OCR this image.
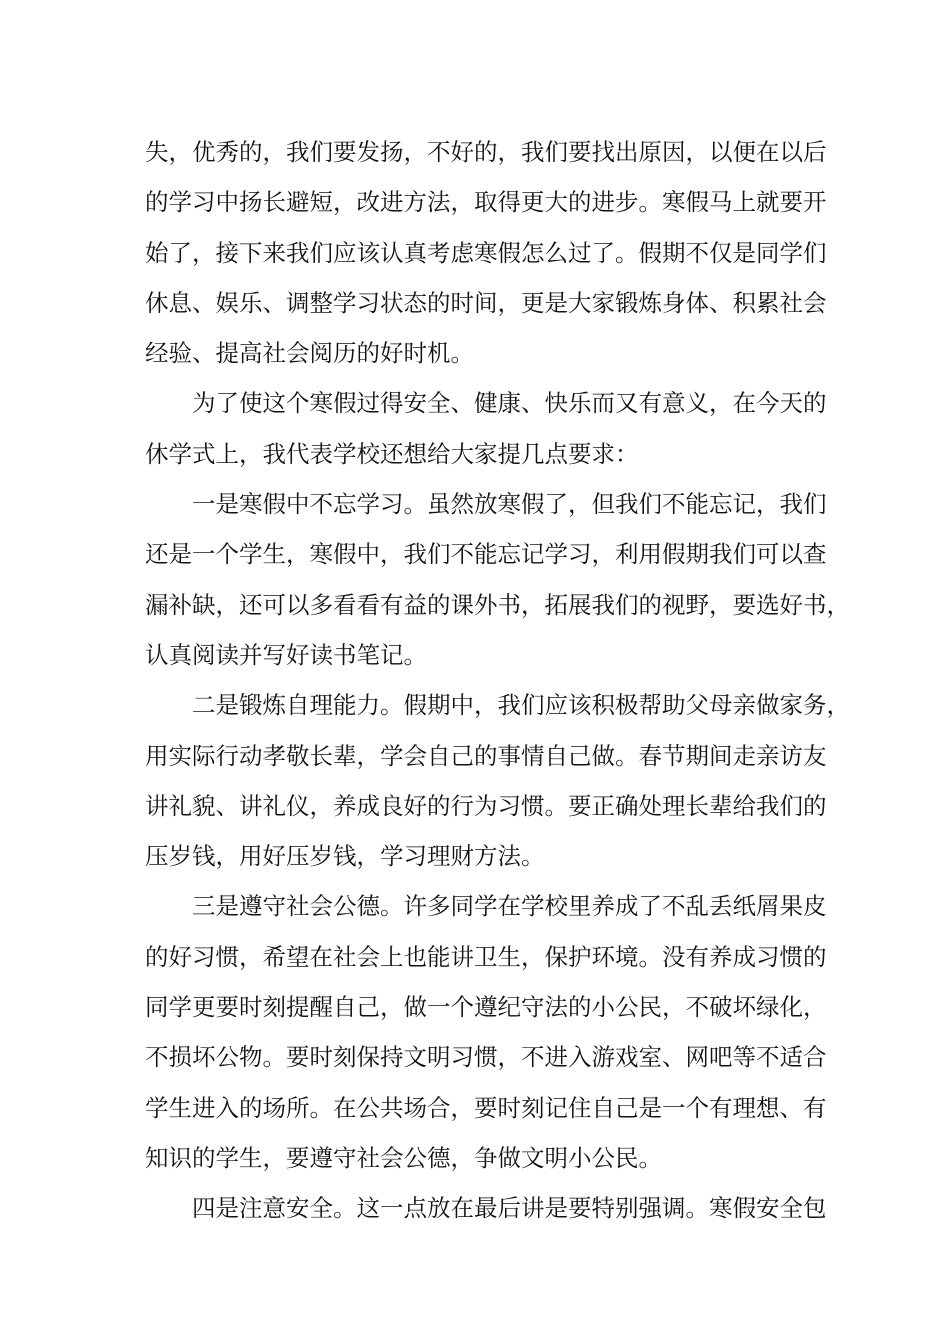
失，优秀的，我们要发扬，不好的，我们要找出原因，以便在以后
的学习中扬长避短，改进方法，取得更大的进步。寒假马上就要开
始了，接下来我们应该认真考虑寒假怎么过了。假期不仅是同学们
休息、娱乐、调整学习状态的时间，更是大家锻炼身体、积累社会
经验、提高社会阅历的好时机。
为了使这个寒假过得安全、健康、快乐而又有意义，在今天的
休学式上，我代表学校还想给大家提几点要求：
一是寒假中不忘学习。虽然放寒假了，但我们不能忘记，我们
还是一个学生，寒假中，我们不能忘记学习，利用假期我们可以查
漏补缺，还可以多看看有益的课外书，拓展我们的视野，要选好书，
认真阅读并写好读书笔记。
二是锻炼自理能力。假期中，我们应该积极帮助父母亲做家务，
用实际行动孝敬长辈，学会自己的事情自己做。春节期间走亲访友
讲礼貌、讲礼仪，养成良好的行为习惯。要正确处理长辈给我们的
压岁钱，用好压岁钱，学习理财方法。
三是遵守社会公德。许多同学在学校里养成了不乱丢纸屑果皮
的好习惯，希望在社会上也能讲卫生，保护环境。没有养成习惯的
同学更要时刻提醒自己，做一个遵纪守法的小公民，不破坏绿化，
不损坏公物。要时刻保持文明习惯，不进入游戏室、网吧等不适合
学生进入的场所。在公共场合，要时刻记住自己是一个有理想、有
知识的学生，要遵守社会公德，争做文明小公民。
四是注意安全。这一点放在最后讲是要特别强调。寒假安全包
